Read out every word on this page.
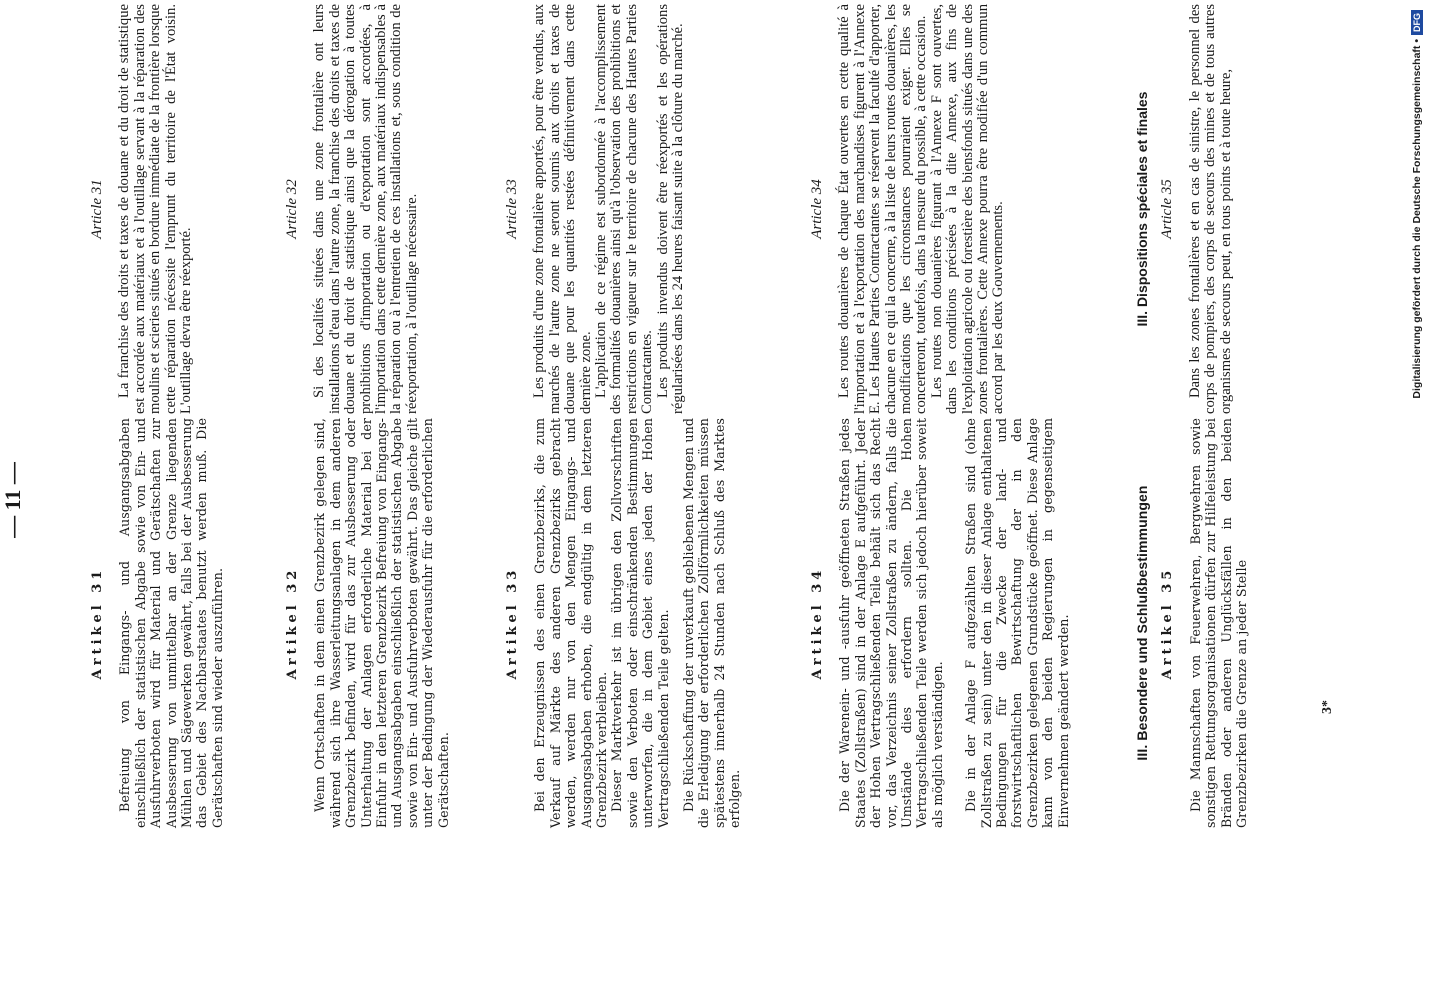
— 11 —
Artikel 31 Befreiung von Eingangs- und Ausgangsabgaben einschließlich der statistischen Abgabe sowie von Ein- und Ausfuhrverboten wird für Material und Gerätschaften zur Ausbesserung von unmittelbar an der Grenze liegenden Mühlen und Sägewerken gewährt, falls bei der Ausbesserung das Gebiet des Nachbarstaates benutzt werden muß. Die Gerätschaften sind wieder auszuführen.

Article 31 La franchise des droits et taxes de douane et du droit de statistique est accordée aux matériaux et à l'outillage servant à la réparation des moulins et scieries situés en bordure immédiate de la frontière lorsque cette réparation nécessite l'emprunt du territoire de l'État voisin. L'outillage devra être réexporté.

Artikel 32 Wenn Ortschaften in dem einen Grenzbezirk gelegen sind, während sich ihre Wasserleitungsanlagen in dem anderen Grenzbezirk befinden, wird für das zur Ausbesserung oder Unterhaltung der Anlagen erforderliche Material bei der Einfuhr in den letzteren Grenzbezirk Befreiung von Eingangs- und Ausgangsabgaben einschließlich der statistischen Abgabe sowie von Ein- und Ausfuhrverboten gewährt. Das gleiche gilt unter der Bedingung der Wiederausfuhr für die erforderlichen Gerätschaften.

Article 32 Si des localités situées dans une zone frontalière ont leurs installations d'eau dans l'autre zone, la franchise des droits et taxes de douane et du droit de statistique ainsi que la dérogation à toutes prohibitions d'importation ou d'exportation sont accordées, à l'importation dans cette dernière zone, aux matériaux indispensables à la réparation ou à l'entretien de ces installations et, sous condition de réexportation, à l'outillage nécessaire.

Artikel 33 Bei den Erzeugnissen des einen Grenzbezirks, die zum Verkauf auf Märkte des anderen Grenzbezirks gebracht werden, werden nur von den Mengen Eingangs- und Ausgangsabgaben erhoben, die endgültig in dem letzteren Grenzbezirk verbleiben. Dieser Marktverkehr ist im übrigen den Zollvorschriften sowie den Verboten oder einschränkenden Bestimmungen unterworfen, die in dem Gebiet eines jeden der Hohen Vertragschließenden Teile gelten. Die Rückschaffung der unverkauft gebliebenen Mengen und die Erledigung der erforderlichen Zollförmlichkeiten müssen spätestens innerhalb 24 Stunden nach Schluß des Marktes erfolgen.

Article 33 Les produits d'une zone frontalière apportés, pour être vendus, aux marchés de l'autre zone ne seront soumis aux droits et taxes de douane que pour les quantités restées définitivement dans cette dernière zone. L'application de ce régime est subordonnée à l'accomplissement des formalités douanières ainsi qu'à l'observation des prohibitions et restrictions en vigueur sur le territoire de chacune des Hautes Parties Contractantes. Les produits invendus doivent être réexportés et les opérations régularisées dans les 24 heures faisant suite à la clôture du marché.

Artikel 34 Die der Warenein- und -ausfuhr geöffneten Straßen jedes Staates (Zollstraßen) sind in der Anlage E aufgeführt. Jeder der Hohen Vertragschließenden Teile behält sich das Recht vor, das Verzeichnis seiner Zollstraßen zu ändern, falls die Umstände dies erfordern sollten. Die Hohen Vertragschließenden Teile werden sich jedoch hierüber soweit als möglich verständigen. Die in der Anlage F aufgezählten Straßen sind (ohne Zollstraßen zu sein) unter den in dieser Anlage enthaltenen Bedingungen für die Zwecke der land- und forstwirtschaftlichen Bewirtschaftung der in den Grenzbezirken gelegenen Grundstücke geöffnet. Diese Anlage kann von den beiden Regierungen in gegenseitigem Einvernehmen geändert werden.

Article 34 Les routes douanières de chaque État ouvertes en cette qualité à l'importation et à l'exportation des marchandises figurent à l'Annexe E. Les Hautes Parties Contractantes se réservent la faculté d'apporter, chacune en ce qui la concerne, à la liste de leurs routes douanières, les modifications que les circonstances pourraient exiger. Elles se concerteront, toutefois, dans la mesure du possible, à cette occasion. Les routes non douanières figurant à l'Annexe F sont ouvertes, dans les conditions précisées à la dite Annexe, aux fins de l'exploitation agricole ou forestière des biensfonds situés dans une des zones frontalières. Cette Annexe pourra être modifiée d'un commun accord par les deux Gouvernements.

III. Besondere und Schlußbestimmungen Artikel 35 Die Mannschaften von Feuerwehren, Bergwehren sowie sonstigen Rettungsorganisationen dürfen zur Hilfeleistung bei Bränden oder anderen Unglücksfällen in den beiden Grenzbezirken die Grenze an jeder Stelle

III. Dispositions spéciales et finales Article 35 Dans les zones frontalières et en cas de sinistre, le personnel des corps de pompiers, des corps de secours des mines et de tous autres organismes de secours peut, en tous points et à toute heure,

3*
Digitalisierung gefördert durch die Deutsche Forschungsgemeinschaft •
DFG
